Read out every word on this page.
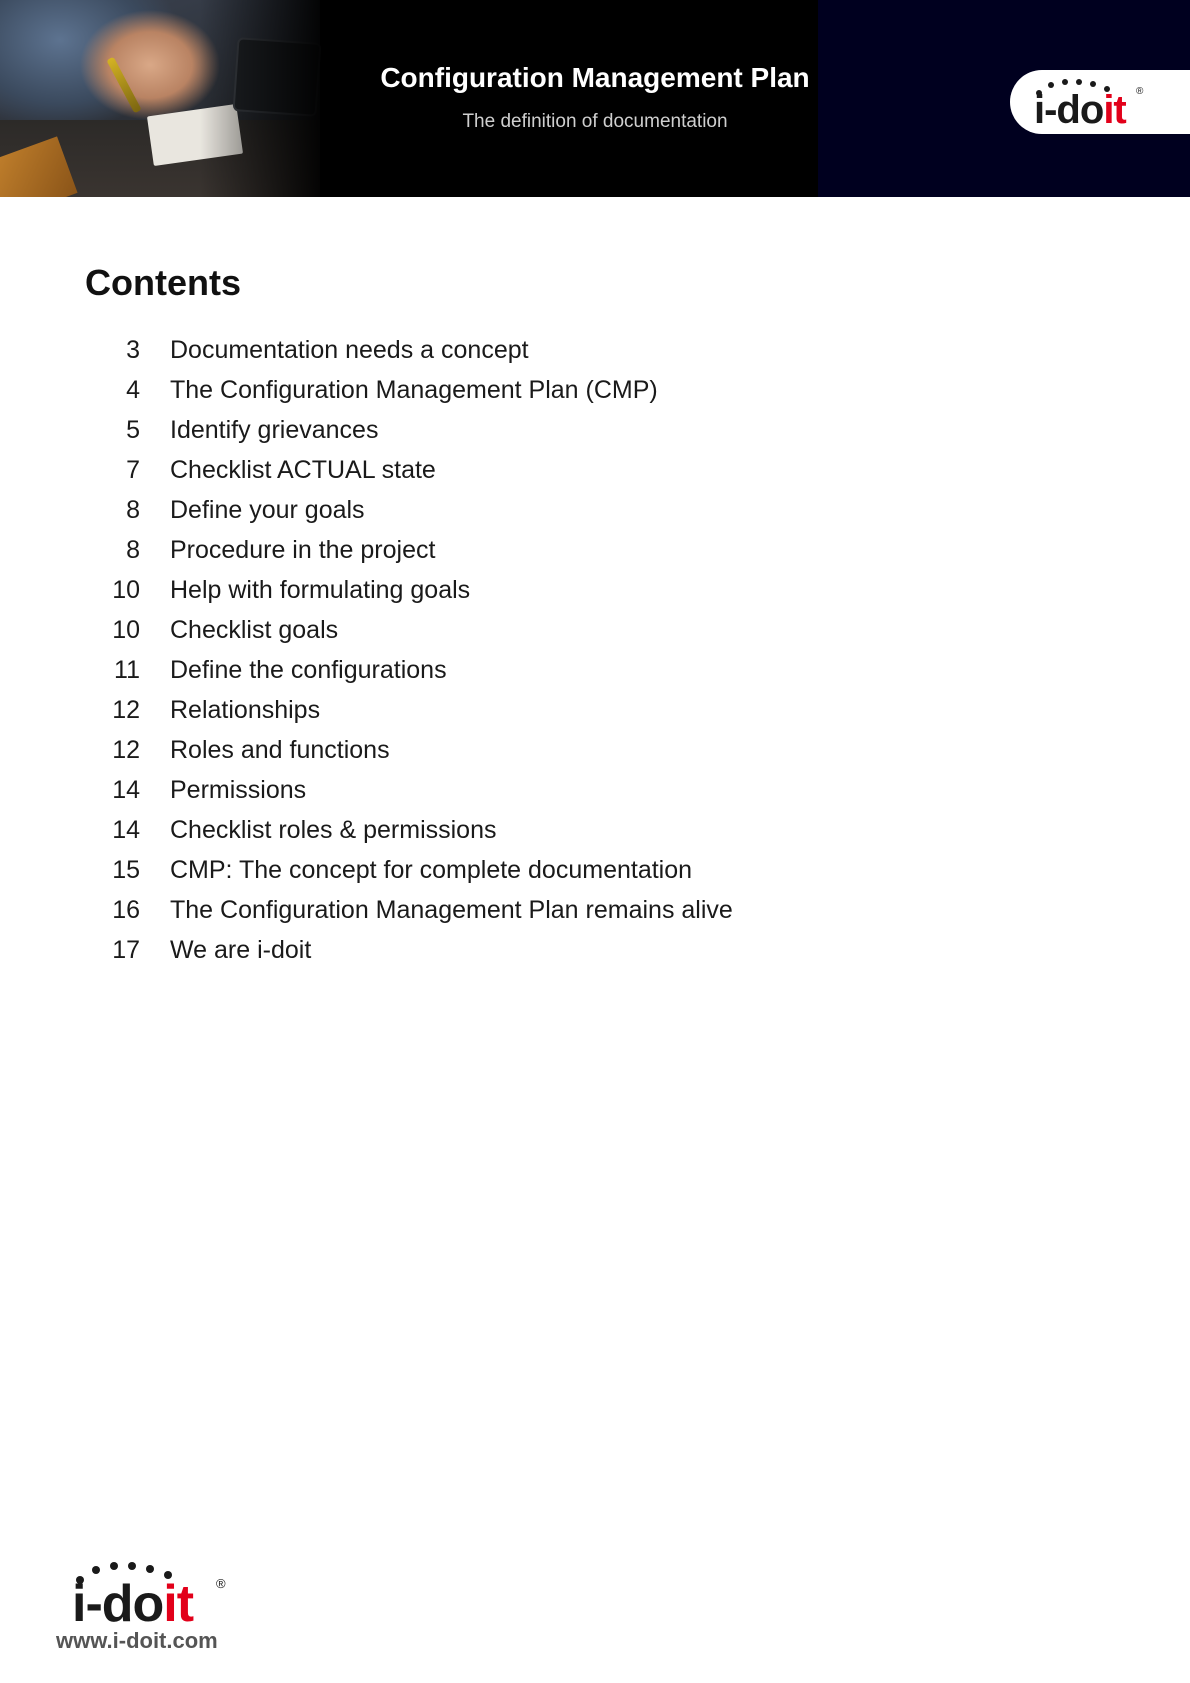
Configuration Management Plan

The definition of documentation	i-doit ®
Contents
3 Documentation needs a concept
4 The Configuration Management Plan (CMP)
5 Identify grievances
7 Checklist ACTUAL state
8 Define your goals
8 Procedure in the project
10 Help with formulating goals
10 Checklist goals
11 Define the configurations
12 Relationships
12 Roles and functions
14 Permissions
14 Checklist roles & permissions
15 CMP: The concept for complete documentation
16 The Configuration Management Plan remains alive
17 We are i-doit
i-doit ®
www.i-doit.com
